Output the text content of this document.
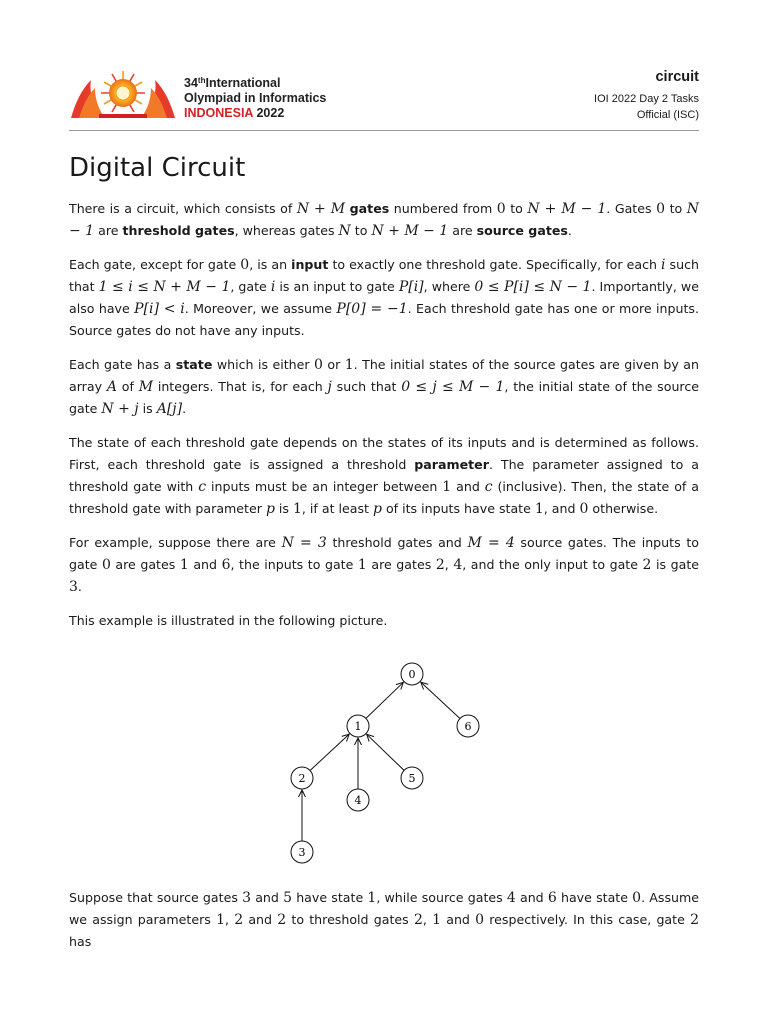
34thInternational
Olympiad in Informatics
INDONESIA 2022
circuit
IOI 2022 Day 2 Tasks
Official (ISC)
Digital Circuit

There is a circuit, which consists of N + M gates numbered from 0 to N + M − 1. Gates 0 to N − 1 are threshold gates, whereas gates N to N + M − 1 are source gates.

Each gate, except for gate 0, is an input to exactly one threshold gate. Specifically, for each i such that 1 ≤ i ≤ N + M − 1, gate i is an input to gate P[i], where 0 ≤ P[i] ≤ N − 1. Importantly, we also have P[i] < i. Moreover, we assume P[0] = −1. Each threshold gate has one or more inputs. Source gates do not have any inputs.

Each gate has a state which is either 0 or 1. The initial states of the source gates are given by an array A of M integers. That is, for each j such that 0 ≤ j ≤ M − 1, the initial state of the source gate N + j is A[j].

The state of each threshold gate depends on the states of its inputs and is determined as follows. First, each threshold gate is assigned a threshold parameter. The parameter assigned to a threshold gate with c inputs must be an integer between 1 and c (inclusive). Then, the state of a threshold gate with parameter p is 1, if at least p of its inputs have state 1, and 0 otherwise.

For example, suppose there are N = 3 threshold gates and M = 4 source gates. The inputs to gate 0 are gates 1 and 6, the inputs to gate 1 are gates 2, 4, and the only input to gate 2 is gate 3.

This example is illustrated in the following picture.

0
1	6
2
4
5
3

Suppose that source gates 3 and 5 have state 1, while source gates 4 and 6 have state 0. Assume we assign parameters 1, 2 and 2 to threshold gates 2, 1 and 0 respectively. In this case, gate 2 has
